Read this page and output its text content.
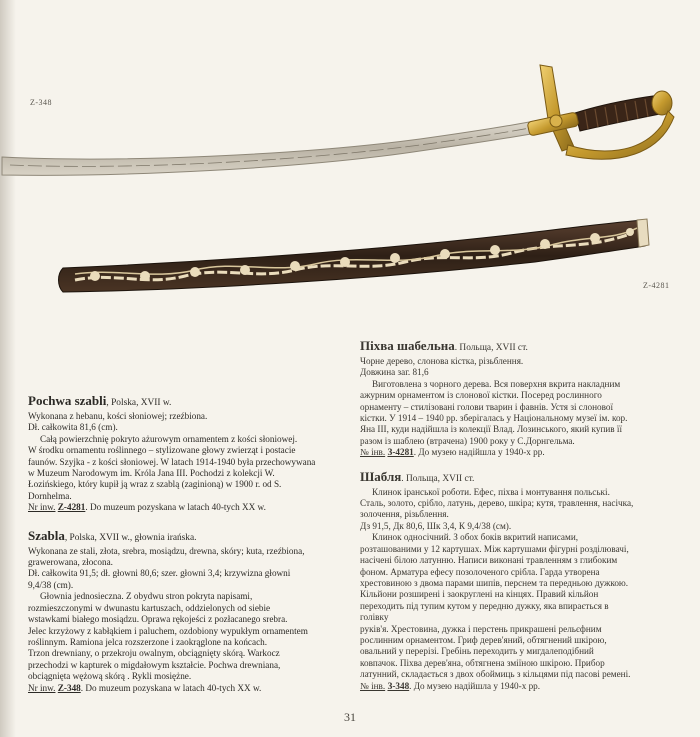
Z-348
Z-4281

Pochwa szabli, Polska, XVII w.

Wykonana z hebanu, kości słoniowej; rzeźbiona.

Dł. całkowita 81,6 (cm).

Całą powierzchnię pokryto ażurowym ornamentem z kości słoniowej.

W środku ornamentu roślinnego – stylizowane głowy zwierząt i postacie

faunów. Szyjka - z kości słoniowej. W latach 1914-1940 była przechowywana

w Muzeum Narodowym im. Króla Jana III. Pochodzi z kolekcji W.

Łozińskiego, który kupił ją wraz z szablą (zaginioną) w 1900 r. od S.

Dornhelma.

Nr inw. Z-4281. Do muzeum pozyskana w latach 40-tych XX w.

Szabla, Polska, XVII w., głownia irańska.

Wykonana ze stali, złota, srebra, mosiądzu, drewna, skóry; kuta, rzeźbiona,

grawerowana, złocona.

Dł. całkowita 91,5; dł. głowni 80,6; szer. głowni 3,4; krzywizna głowni

9,4/38 (cm).

Głownia jednosieczna. Z obydwu stron pokryta napisami,

rozmieszczonymi w dwunastu kartuszach, oddzielonych od siebie

wstawkami białego mosiądzu. Oprawa rękojeści z pozłacanego srebra.

Jelec krzyżowy z kabłąkiem i paluchem, ozdobiony wypukłym ornamentem

roślinnym. Ramiona jelca rozszerzone i zaokrąglone na końcach.

Trzon drewniany, o przekroju owalnym, obciągnięty skórą. Warkocz

przechodzi w kapturek o migdałowym kształcie. Pochwa drewniana,

obciągnięta wężową skórą . Rykli mosiężne.

Nr inw. Z-348. Do muzeum pozyskana w latach 40-tych XX w.

Піхва шабельна. Польща, XVII ст.

Чорне дерево, слонова кістка, різьблення.

Довжина заг. 81,6

Виготовлена з чорного дерева. Вся поверхня вкрита накладним

ажурним орнаментом із слонової кістки. Посеред рослинного

орнаменту – стилізовані голови тварин і фавнів. Устя зі слонової

кістки. У 1914 – 1940 рр. зберігалась у Національному музеї ім. кор.

Яна III, куди надійшла із колекції Влад. Лозинського, який купив її

разом із шаблею (втрачена) 1900 року у С.Дорнгельма.

№ інв. З-4281. До музею надійшла у 1940-х рр.

Шабля. Польща, XVII ст.

Клинок іранської роботи. Ефес, піхва і монтування польські.

Сталь, золото, срібло, латунь, дерево, шкіра; кутя, травлення, насічка,

золочення, різьблення.

Дз 91,5, Дк 80,6, Шк 3,4, К 9,4/38 (см).

Клинок односічний. З обох боків вкритий написами,

розташованими у 12 картушах. Між картушами фігурні розділювачі,

насічені білою латунню. Написи виконані травленням з глибоким

фоном. Арматура ефесу позолоченого срібла. Гарда утворена

хрестовиною з двома парами шипів, перснем та передньою дужкою.

Кільйони розширені і заокруглені на кінцях. Правий кільйон

переходить під тупим кутом у передню дужку, яка впирається в

голівку

рукiв'я. Хрестовина, дужка і перстень прикрашені рельєфним

рослинним орнаментом. Гриф дерев'яний, обтягнений шкірою,

овальний у перерізі. Гребінь переходить у мигдалеподібний

ковпачок. Піхва дерев'яна, обтягнена зміїною шкірою. Прибор

латунний, складається з двох обоймиць з кільцями під пасові ремені.

№ інв. З-348. До музею надійшла у 1940-х рр.

31
